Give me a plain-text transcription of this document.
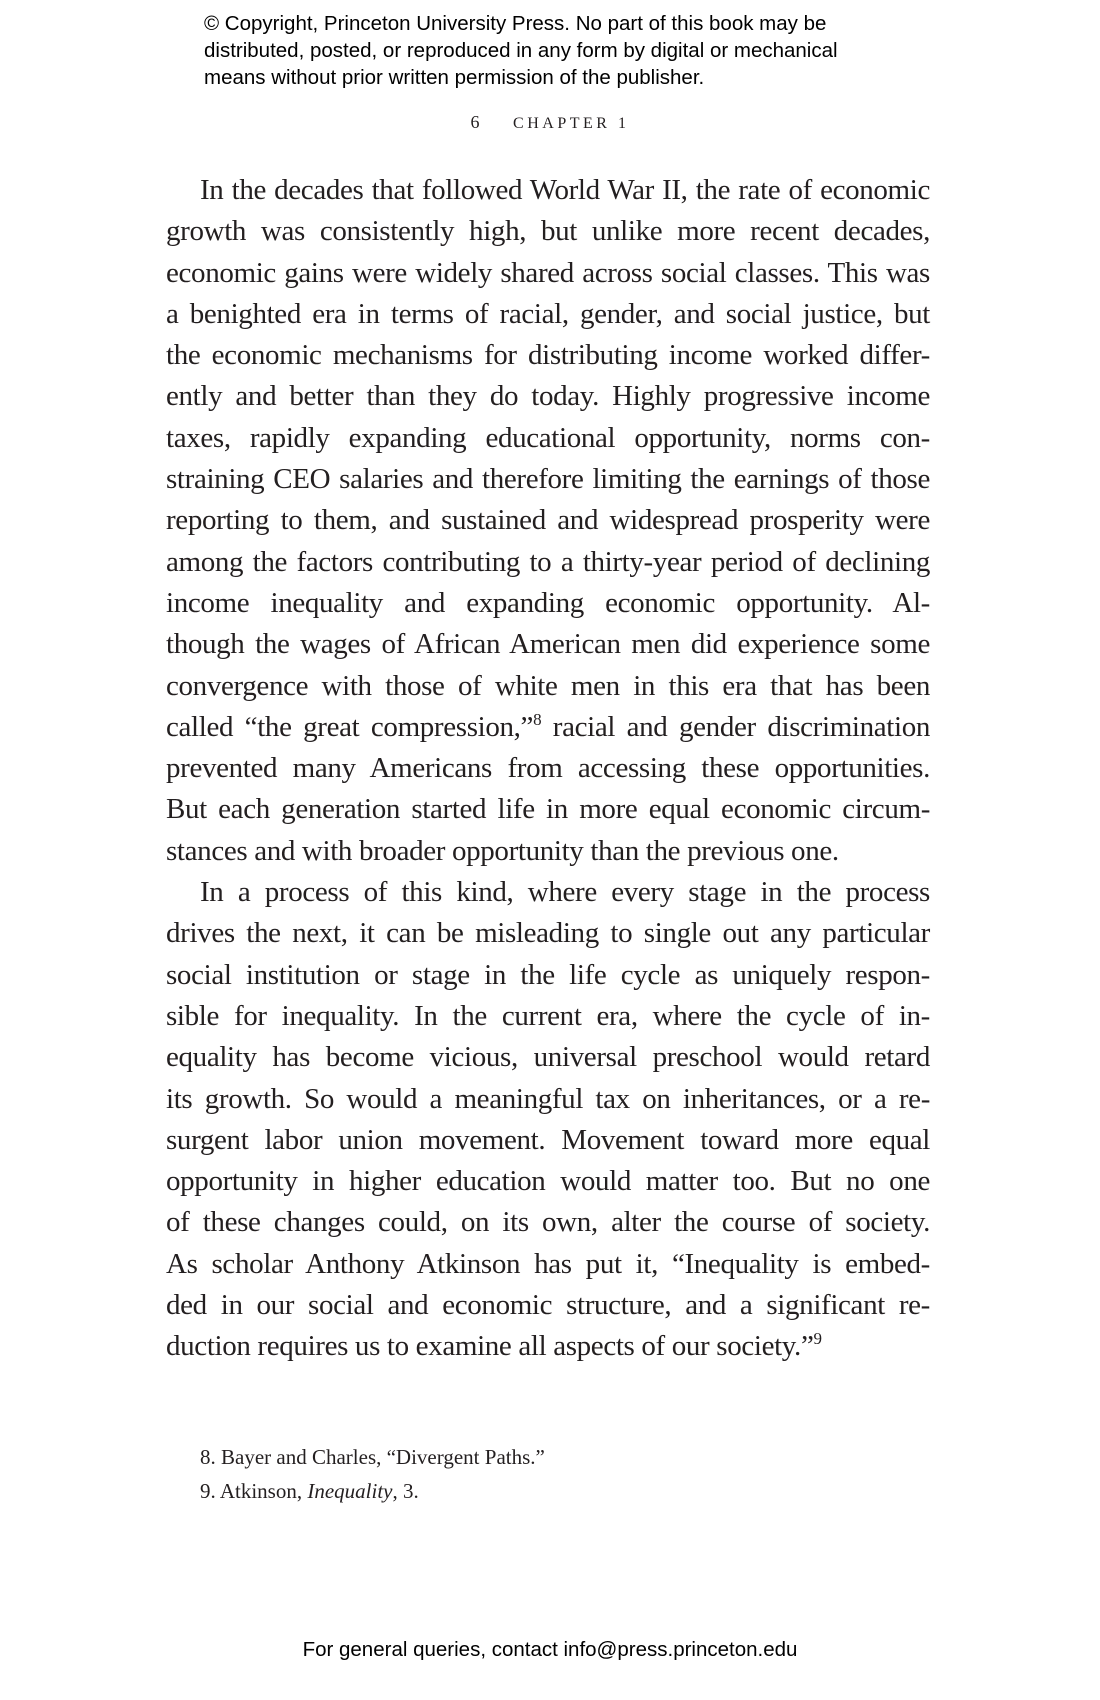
© Copyright, Princeton University Press. No part of this book may be
distributed, posted, or reproduced in any form by digital or mechanical
means without prior written permission of the publisher.
6 CHAPTER 1
In the decades that followed World War II, the rate of economic
growth was consistently high, but unlike more recent decades,
economic gains were widely shared across social classes. This was
a benighted era in terms of racial, gender, and social justice, but
the economic mechanisms for distributing income worked differ-
ently and better than they do today. Highly progressive income
taxes, rapidly expanding educational opportunity, norms con-
straining CEO salaries and therefore limiting the earnings of those
reporting to them, and sustained and widespread prosperity were
among the factors contributing to a thirty-year period of declining
income inequality and expanding economic opportunity. Al-
though the wages of African American men did experience some
convergence with those of white men in this era that has been
called “the great compression,”$^8$ racial and gender discrimination
prevented many Americans from accessing these opportunities.
But each generation started life in more equal economic circum-
stances and with broader opportunity than the previous one.
In a process of this kind, where every stage in the process
drives the next, it can be misleading to single out any particular
social institution or stage in the life cycle as uniquely respon-
sible for inequality. In the current era, where the cycle of in-
equality has become vicious, universal preschool would retard
its growth. So would a meaningful tax on inheritances, or a re-
surgent labor union movement. Movement toward more equal
opportunity in higher education would matter too. But no one
of these changes could, on its own, alter the course of society.
As scholar Anthony Atkinson has put it, “Inequality is embed-
ded in our social and economic structure, and a significant re-
duction requires us to examine all aspects of our society.”$^9$
8. Bayer and Charles, “Divergent Paths.”
9. Atkinson, Inequality, 3.
For general queries, contact info@press.princeton.edu
